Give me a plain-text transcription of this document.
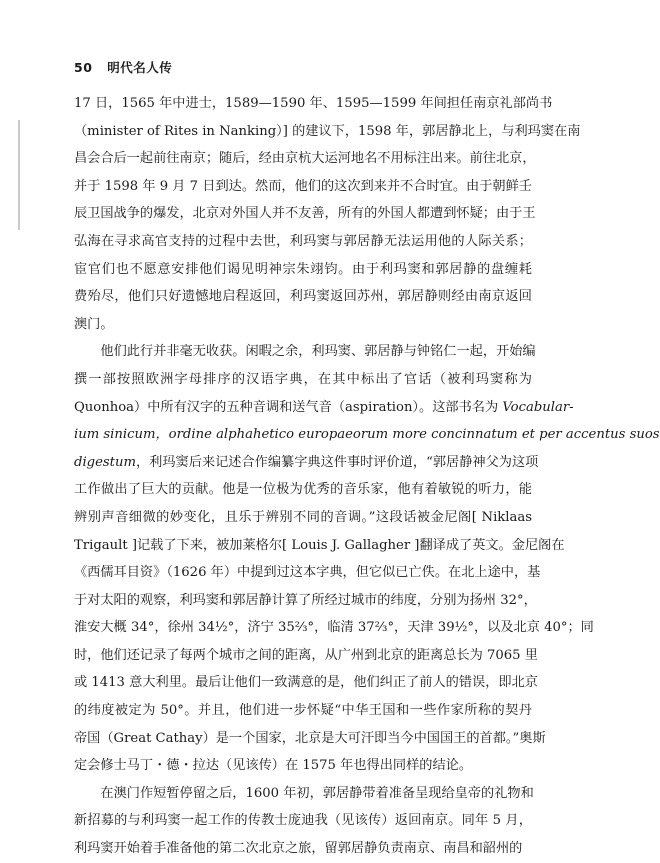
50 明代名人传

17 日，1565 年中进士，1589—1590 年、1595—1599 年间担任南京礼部尚书
（minister of Rites in Nanking）] 的建议下，1598 年，郭居静北上，与利玛窦在南
昌会合后一起前往南京；随后，经由京杭大运河地名不用标注出来。前往北京，
并于 1598 年 9 月 7 日到达。然而，他们的这次到来并不合时宜。由于朝鲜壬
辰卫国战争的爆发，北京对外国人并不友善，所有的外国人都遭到怀疑；由于王
弘海在寻求高官支持的过程中去世，利玛窦与郭居静无法运用他的人际关系；
宦官们也不愿意安排他们谒见明神宗朱翊钧。由于利玛窦和郭居静的盘缠耗
费殆尽，他们只好遗憾地启程返回，利玛窦返回苏州，郭居静则经由南京返回
澳门。

他们此行并非毫无收获。闲暇之余，利玛窦、郭居静与钟铭仁一起，开始编
撰一部按照欧洲字母排序的汉语字典，在其中标出了官话（被利玛窦称为
Quonhoa）中所有汉字的五种音调和送气音（aspiration）。这部书名为 Vocabular-
ium sinicum，ordine alphahetico europaeorum more concinnatum et per accentus suos
digestum，利玛窦后来记述合作编纂字典这件事时评价道，“郭居静神父为这项
工作做出了巨大的贡献。他是一位极为优秀的音乐家，他有着敏锐的听力，能
辨别声音细微的妙变化，且乐于辨别不同的音调。”这段话被金尼阁[ Niklaas
Trigault ]记载了下来，被加莱格尔[ Louis J. Gallagher ]翻译成了英文。金尼阁在
《西儒耳目资》（1626 年）中提到过这本字典，但它似已亡佚。在北上途中，基
于对太阳的观察，利玛窦和郭居静计算了所经过城市的纬度，分别为扬州 32°，
淮安大概 34°，徐州 34½°，济宁 35⅔°，临清 37⅔°，天津 39½°，以及北京 40°；同
时，他们还记录了每两个城市之间的距离，从广州到北京的距离总长为 7065 里
或 1413 意大利里。最后让他们一致满意的是，他们纠正了前人的错误，即北京
的纬度被定为 50°。并且，他们进一步怀疑“中华王国和一些作家所称的契丹
帝国（Great Cathay）是一个国家，北京是大可汗即当今中国国王的首都。”奥斯
定会修士马丁・德・拉达（见该传）在 1575 年也得出同样的结论。

在澳门作短暂停留之后，1600 年初，郭居静带着准备呈现给皇帝的礼物和
新招募的与利玛窦一起工作的传教士庞迪我（见该传）返回南京。同年 5 月，
利玛窦开始着手准备他的第二次北京之旅，留郭居静负责南京、南昌和韶州的
